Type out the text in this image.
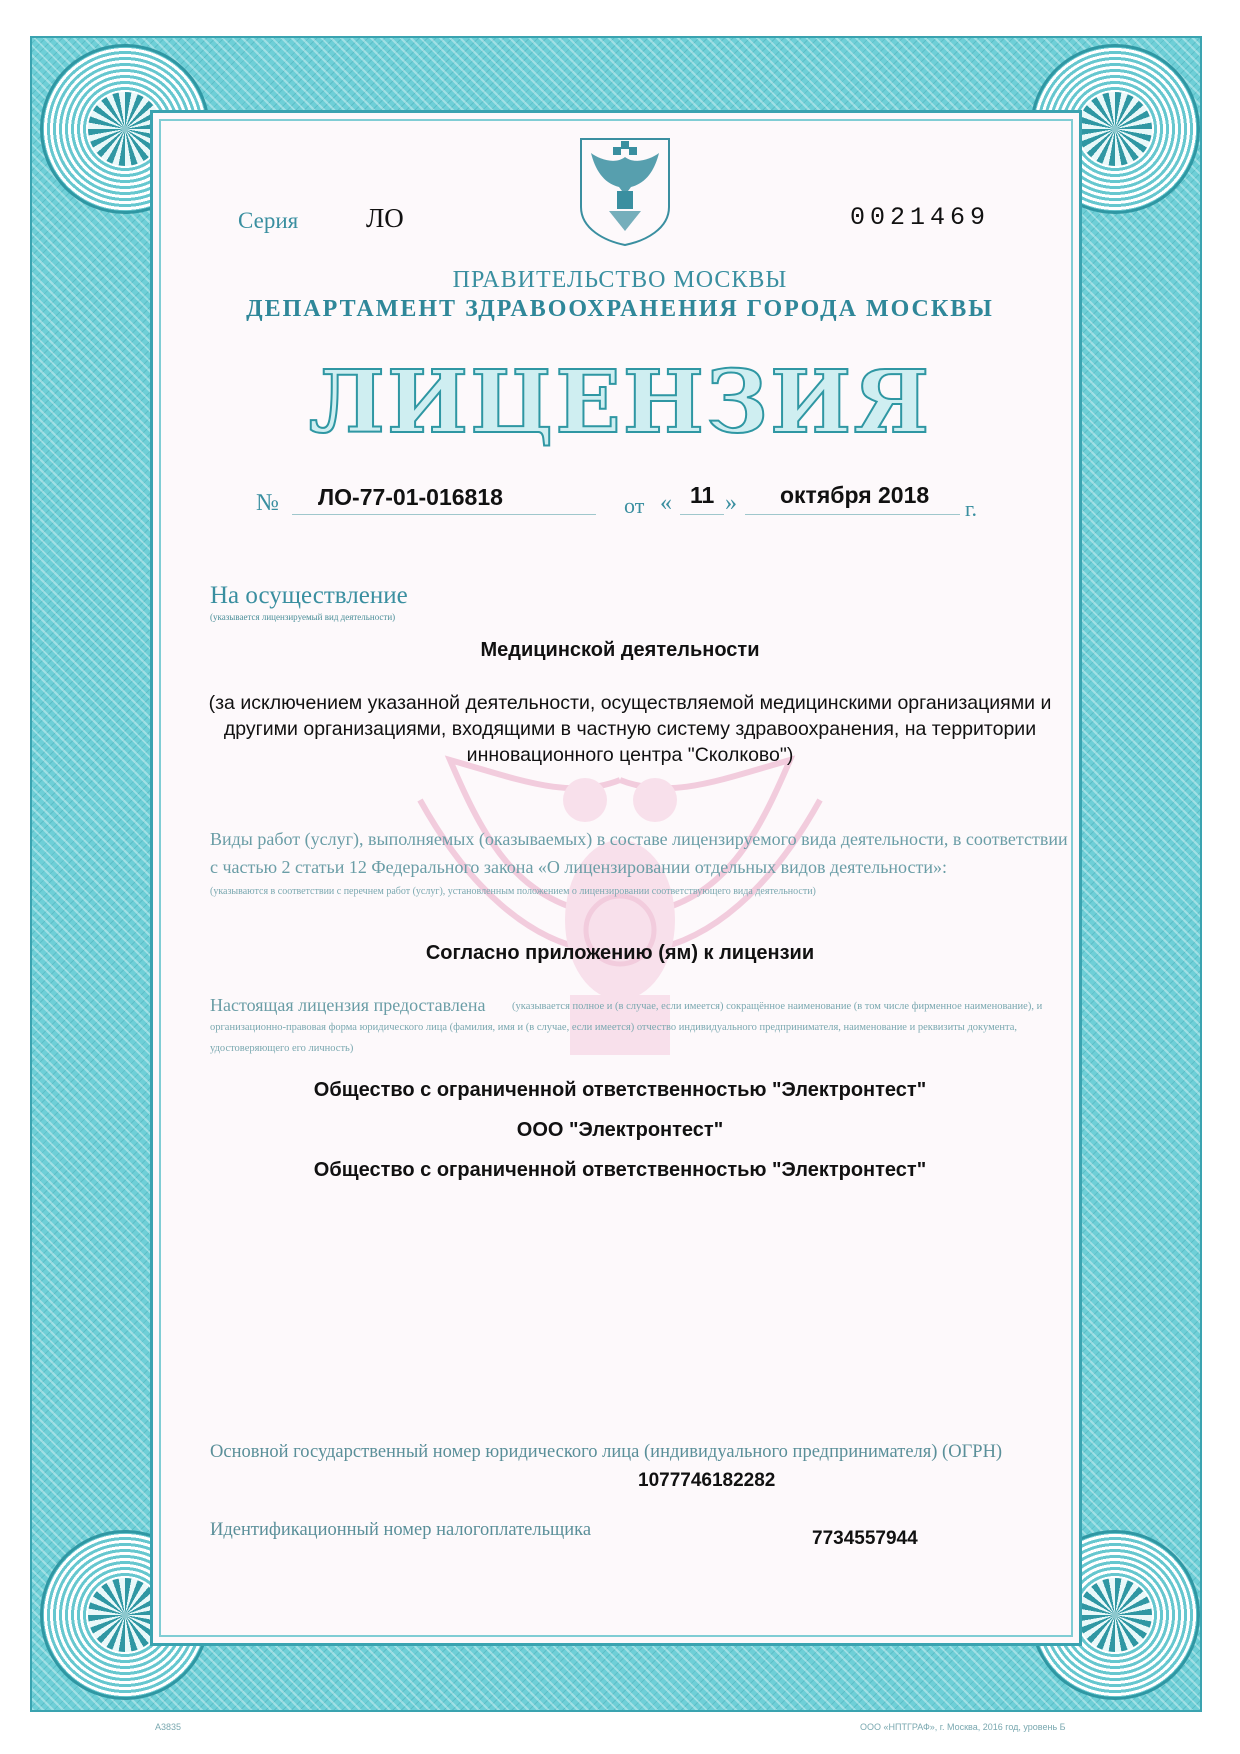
Серия	ЛО	0021469

ПРАВИТЕЛЬСТВО МОСКВЫ

ДЕПАРТАМЕНТ ЗДРАВООХРАНЕНИЯ ГОРОДА МОСКВЫ

ЛИЦЕНЗИЯ

№ ЛО-77-01-016818	от « 11 » октября 2018

г.

На осуществление

(указывается лицензируемый вид деятельности)

Медицинской деятельности

(за исключением указанной деятельности, осуществляемой медицинскими организациями и другими организациями, входящими в частную систему здравоохранения, на территории инновационного центра "Сколково")

Виды работ (услуг), выполняемых (оказываемых) в составе лицензируемого вида деятельности, в соответствии с частью 2 статьи 12 Федерального закона «О лицензировании отдельных видов деятельности»:

(указываются в соответствии с перечнем работ (услуг), установленным положением о лицензировании соответствующего вида деятельности)

Согласно приложению (ям) к лицензии

Настоящая лицензия предоставлена	(указывается полное и (в случае, если имеется) сокращённое наименование (в том числе фирменное наименование), и организационно-правовая форма юридического лица (фамилия, имя и (в случае, если имеется) отчество индивидуального предпринимателя, наименование и реквизиты документа, удостоверяющего его личность)

Общество с ограниченной ответственностью "Электронтест"

ООО "Электронтест"

Общество с ограниченной ответственностью "Электронтест"

Основной государственный номер юридического лица (индивидуального предпринимателя) (ОГРН)

1077746182282

Идентификационный номер налогоплательщика	7734557944

А3835	ООО «НПТГРАФ», г. Москва, 2016 год, уровень Б
